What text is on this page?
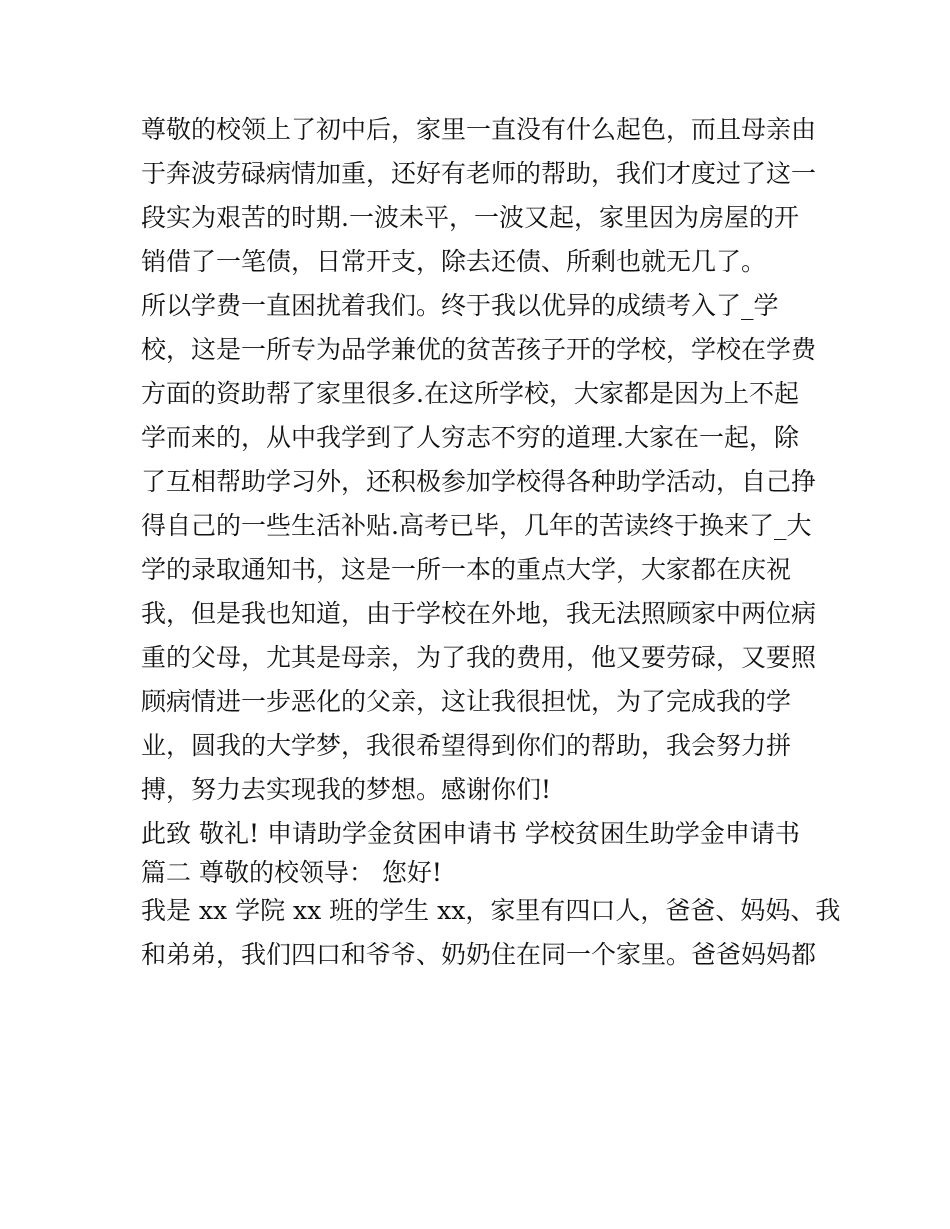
尊敬的校领上了初中后，家里一直没有什么起色，而且母亲由
于奔波劳碌病情加重，还好有老师的帮助，我们才度过了这一
段实为艰苦的时期.一波未平，一波又起，家里因为房屋的开
销借了一笔债，日常开支，除去还债、所剩也就无几了。
所以学费一直困扰着我们。终于我以优异的成绩考入了_学
校，这是一所专为品学兼优的贫苦孩子开的学校，学校在学费
方面的资助帮了家里很多.在这所学校，大家都是因为上不起
学而来的，从中我学到了人穷志不穷的道理.大家在一起，除
了互相帮助学习外，还积极参加学校得各种助学活动，自己挣
得自己的一些生活补贴.高考已毕，几年的苦读终于换来了_大
学的录取通知书，这是一所一本的重点大学，大家都在庆祝
我，但是我也知道，由于学校在外地，我无法照顾家中两位病
重的父母，尤其是母亲，为了我的费用，他又要劳碌，又要照
顾病情进一步恶化的父亲，这让我很担忧，为了完成我的学
业，圆我的大学梦，我很希望得到你们的帮助，我会努力拼
搏，努力去实现我的梦想。感谢你们!
此致 敬礼! 申请助学金贫困申请书 学校贫困生助学金申请书
篇二 尊敬的校领导： 您好!
我是 xx 学院 xx 班的学生 xx，家里有四口人，爸爸、妈妈、我
和弟弟，我们四口和爷爷、奶奶住在同一个家里。爸爸妈妈都
